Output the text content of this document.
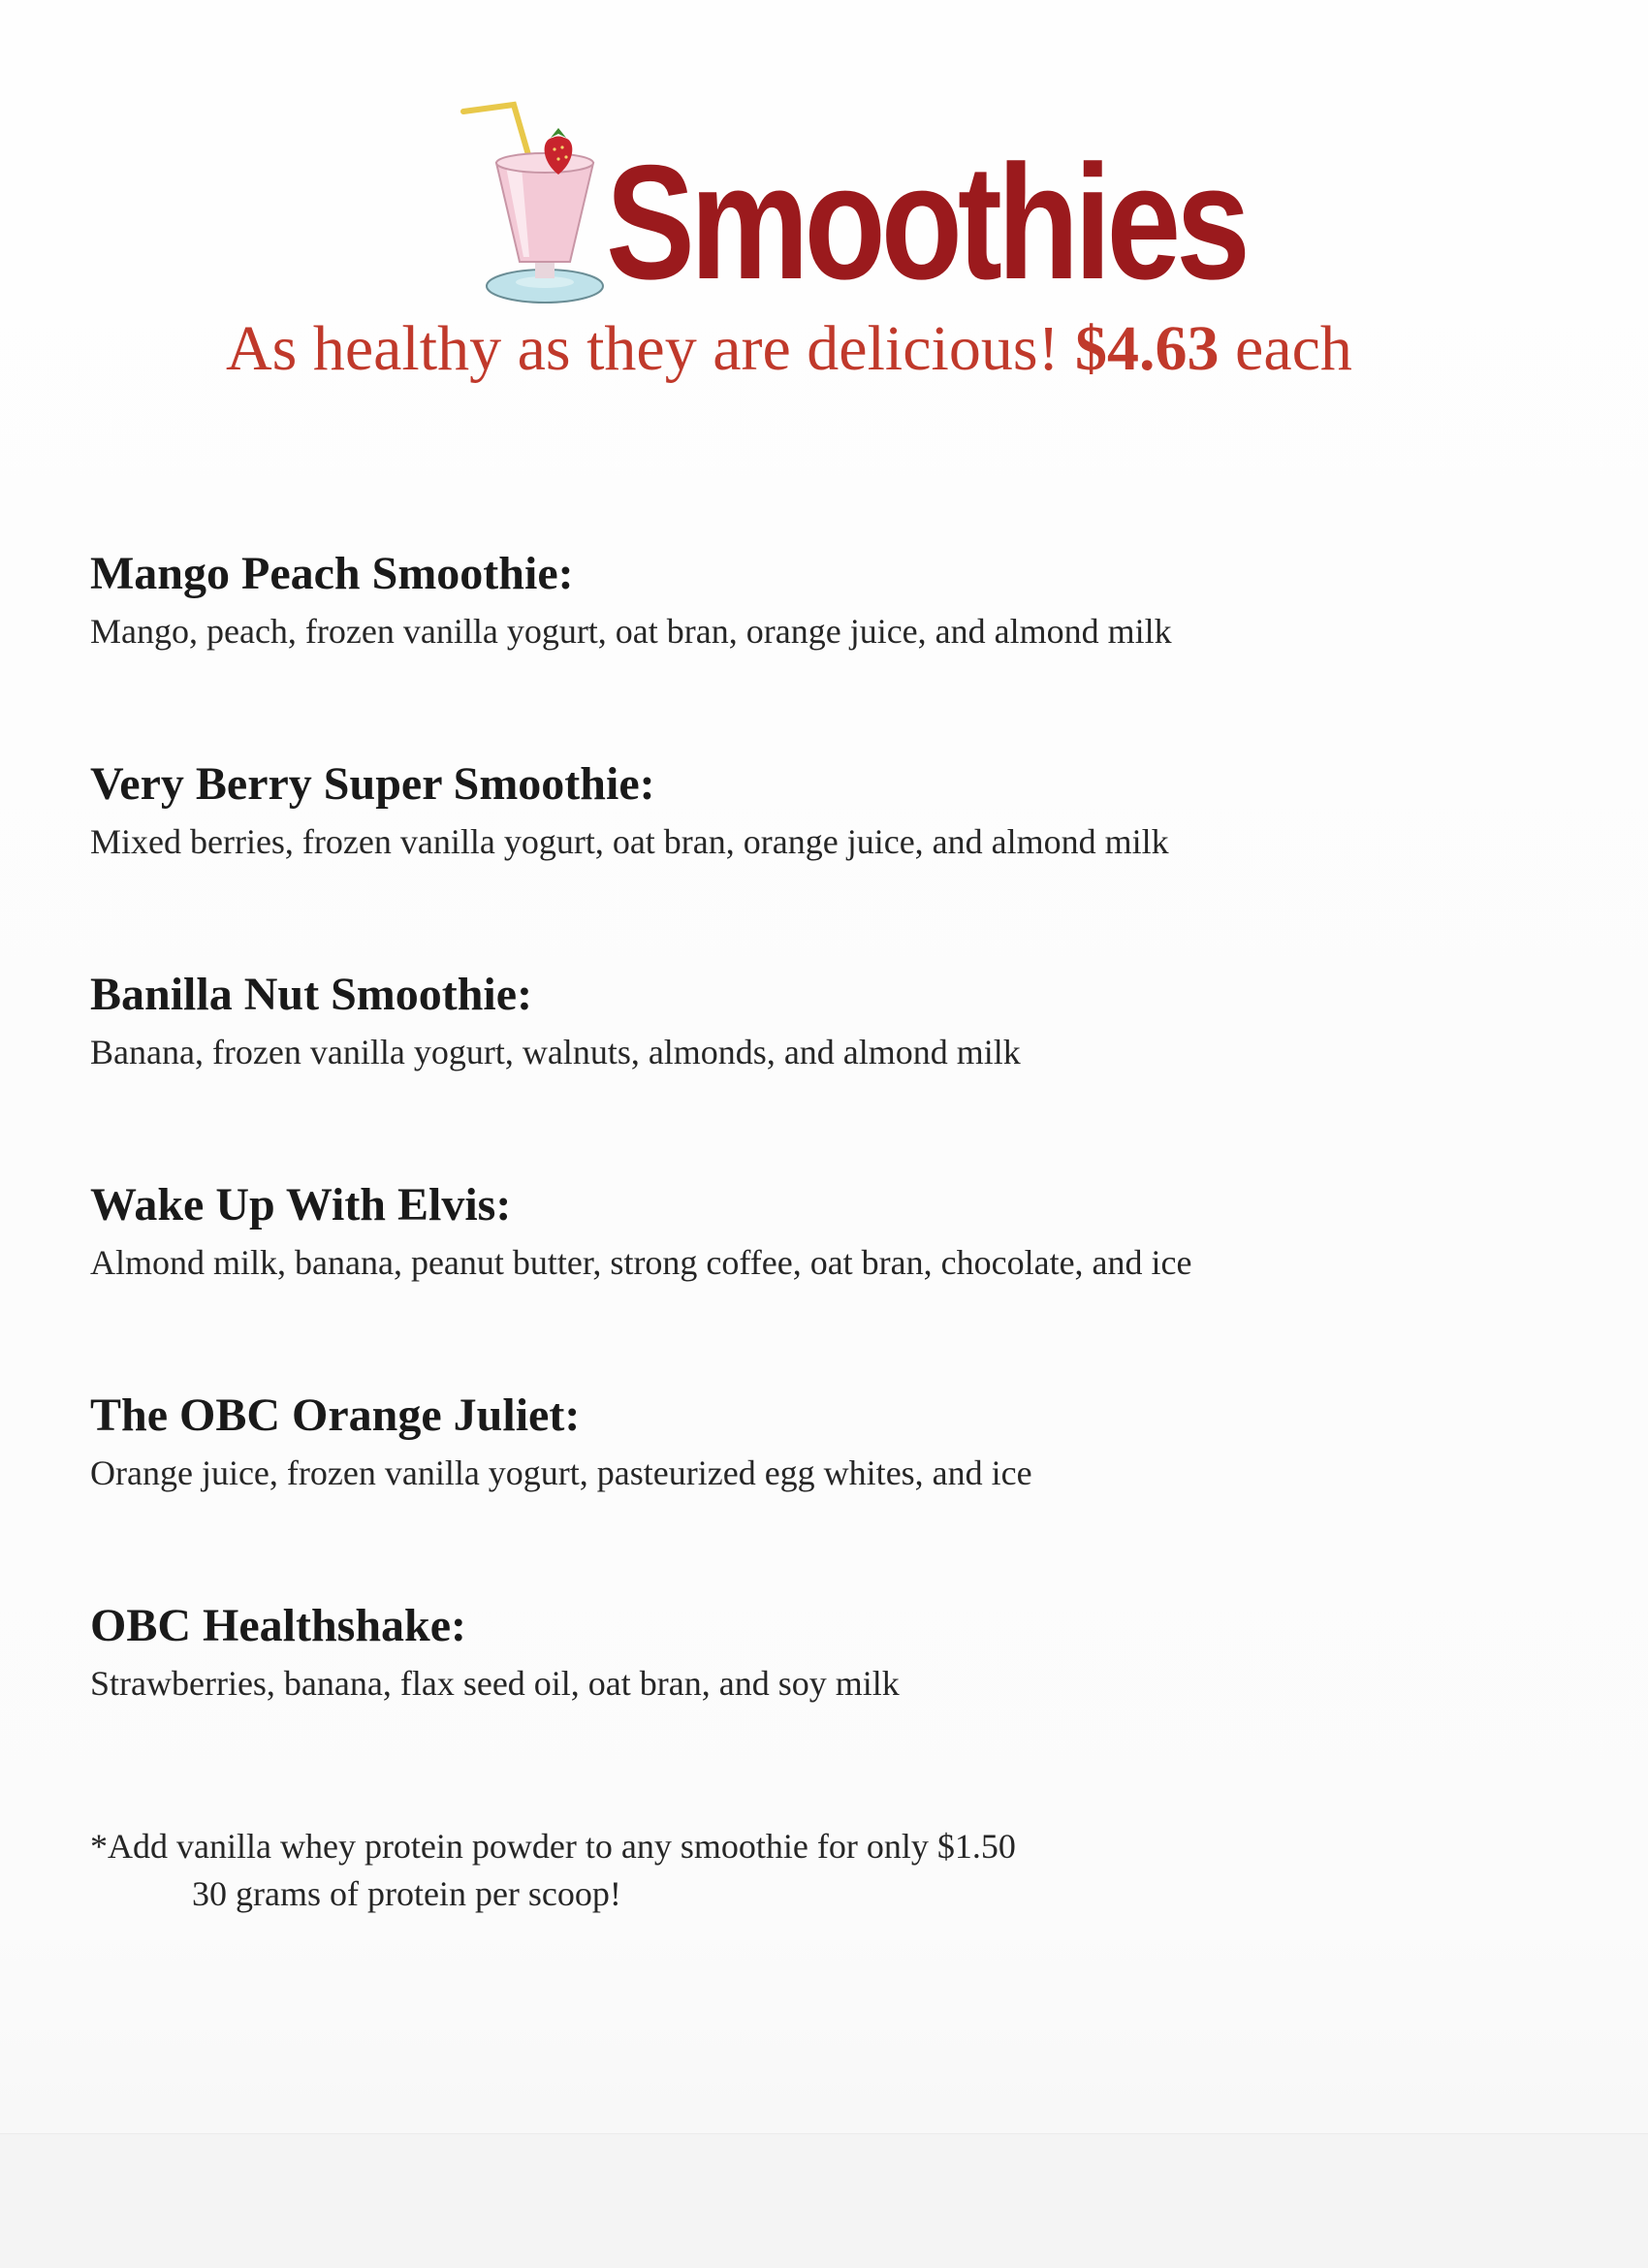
Smoothies
As healthy as they are delicious! $4.63 each
Mango Peach Smoothie:
Mango, peach, frozen vanilla yogurt, oat bran, orange juice, and almond milk
Very Berry Super Smoothie:
Mixed berries, frozen vanilla yogurt, oat bran, orange juice, and almond milk
Banilla Nut Smoothie:
Banana, frozen vanilla yogurt, walnuts, almonds, and almond milk
Wake Up With Elvis:
Almond milk, banana, peanut butter, strong coffee, oat bran, chocolate, and ice
The OBC Orange Juliet:
Orange juice, frozen vanilla yogurt, pasteurized egg whites, and ice
OBC Healthshake:
Strawberries, banana, flax seed oil, oat bran, and soy milk
*Add vanilla whey protein powder to any smoothie for only $1.50
30 grams of protein per scoop!
